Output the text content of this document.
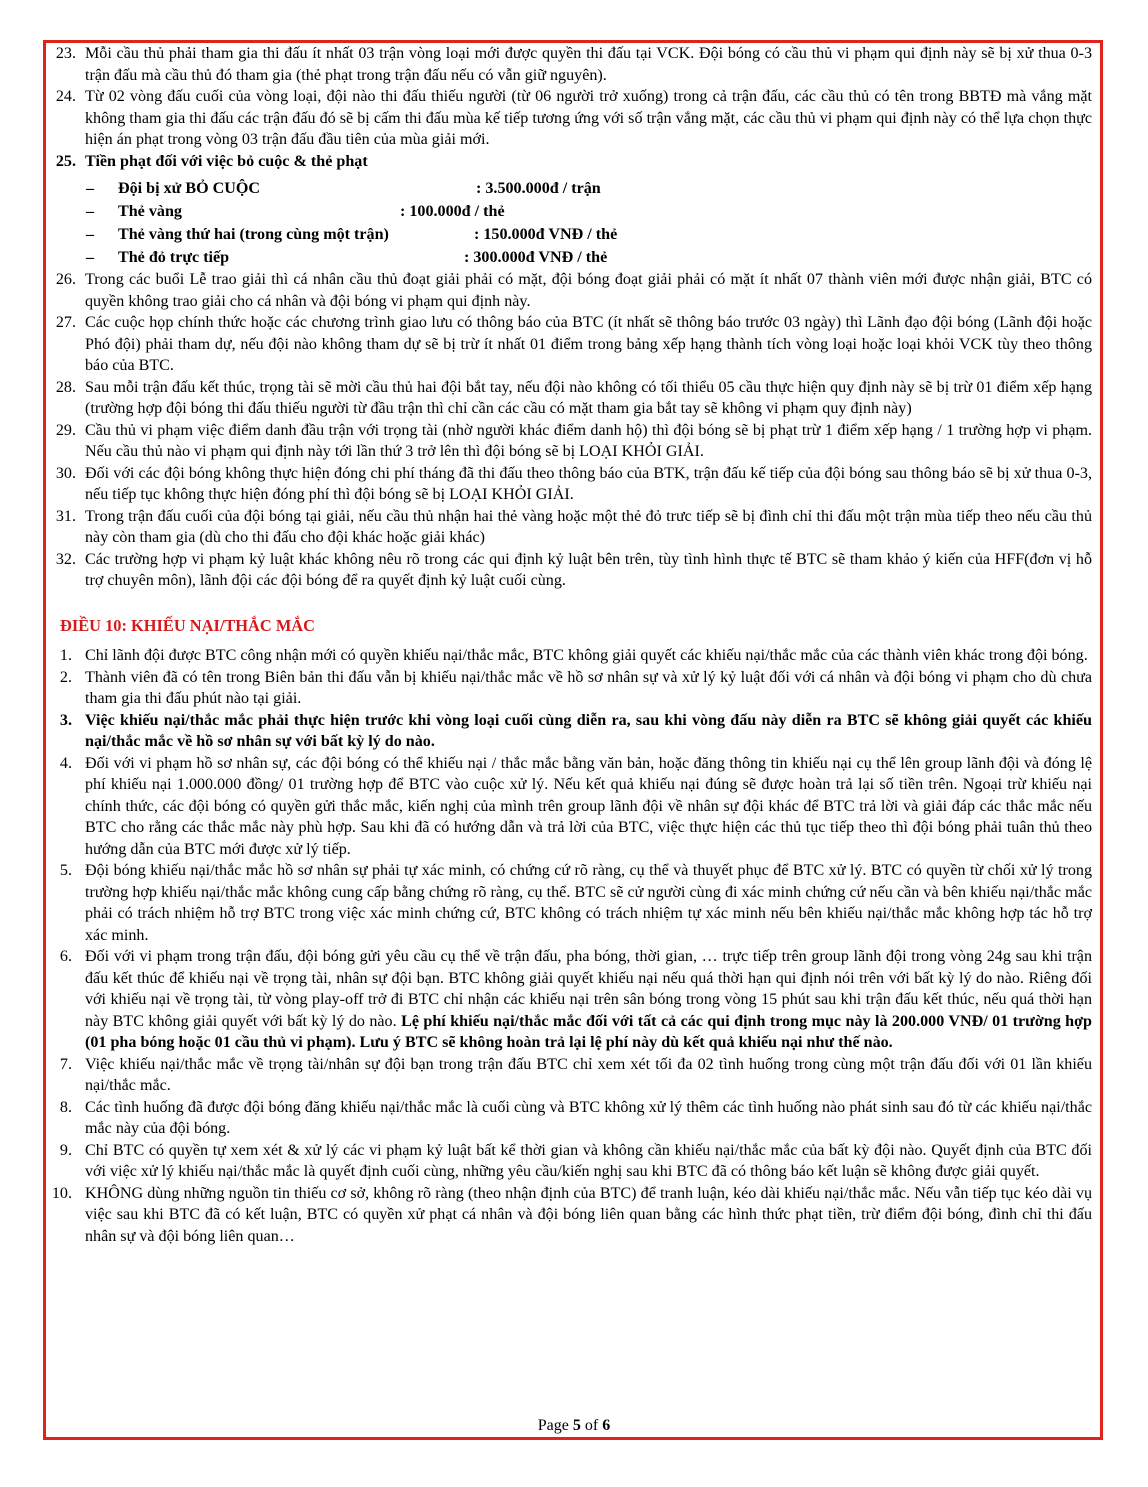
23. Mỗi cầu thủ phải tham gia thi đấu ít nhất 03 trận vòng loại mới được quyền thi đấu tại VCK. Đội bóng có cầu thủ vi phạm qui định này sẽ bị xử thua 0-3 trận đấu mà cầu thủ đó tham gia (thẻ phạt trong trận đấu nếu có vẫn giữ nguyên).
24. Từ 02 vòng đấu cuối của vòng loại, đội nào thi đấu thiếu người (từ 06 người trở xuống) trong cả trận đấu, các cầu thủ có tên trong BBTĐ mà vắng mặt không tham gia thi đấu các trận đấu đó sẽ bị cấm thi đấu mùa kế tiếp tương ứng với số trận vắng mặt, các cầu thủ vi phạm qui định này có thể lựa chọn thực hiện án phạt trong vòng 03 trận đấu đầu tiên của mùa giải mới.
25. Tiền phạt đối với việc bỏ cuộc & thẻ phạt
– Đội bị xử BỎ CUỘC	: 3.500.000đ / trận
– Thẻ vàng	: 100.000đ / thẻ
– Thẻ vàng thứ hai (trong cùng một trận)	: 150.000đ VNĐ / thẻ
– Thẻ đỏ trực tiếp	: 300.000đ VNĐ / thẻ
26. Trong các buổi Lễ trao giải thì cá nhân cầu thủ đoạt giải phải có mặt, đội bóng đoạt giải phải có mặt ít nhất 07 thành viên mới được nhận giải, BTC có quyền không trao giải cho cá nhân và đội bóng vi phạm qui định này.
27. Các cuộc họp chính thức hoặc các chương trình giao lưu có thông báo của BTC (ít nhất sẽ thông báo trước 03 ngày) thì Lãnh đạo đội bóng (Lãnh đội hoặc Phó đội) phải tham dự, nếu đội nào không tham dự sẽ bị trừ ít nhất 01 điểm trong bảng xếp hạng thành tích vòng loại hoặc loại khỏi VCK tùy theo thông báo của BTC.
28. Sau mỗi trận đấu kết thúc, trọng tài sẽ mời cầu thủ hai đội bắt tay, nếu đội nào không có tối thiểu 05 cầu thực hiện quy định này sẽ bị trừ 01 điểm xếp hạng (trường hợp đội bóng thi đấu thiếu người từ đầu trận thì chỉ cần các cầu có mặt tham gia bắt tay sẽ không vi phạm quy định này)
29. Cầu thủ vi phạm việc điểm danh đầu trận với trọng tài (nhờ người khác điểm danh hộ) thì đội bóng sẽ bị phạt trừ 1 điểm xếp hạng / 1 trường hợp vi phạm. Nếu cầu thủ nào vi phạm qui định này tới lần thứ 3 trở lên thì đội bóng sẽ bị LOẠI KHỎI GIẢI.
30. Đối với các đội bóng không thực hiện đóng chi phí tháng đã thi đấu theo thông báo của BTK, trận đấu kế tiếp của đội bóng sau thông báo sẽ bị xử thua 0-3, nếu tiếp tục không thực hiện đóng phí thì đội bóng sẽ bị LOẠI KHỎI GIẢI.
31. Trong trận đấu cuối của đội bóng tại giải, nếu cầu thủ nhận hai thẻ vàng hoặc một thẻ đỏ trưc tiếp sẽ bị đình chỉ thi đấu một trận mùa tiếp theo nếu cầu thủ này còn tham gia (dù cho thi đấu cho đội khác hoặc giải khác)
32. Các trường hợp vi phạm kỷ luật khác không nêu rõ trong các qui định kỷ luật bên trên, tùy tình hình thực tế BTC sẽ tham khảo ý kiến của HFF(đơn vị hỗ trợ chuyên môn), lãnh đội các đội bóng để ra quyết định kỷ luật cuối cùng.
ĐIỀU 10: KHIẾU NẠI/THẮC MẮC
1. Chỉ lãnh đội được BTC công nhận mới có quyền khiếu nại/thắc mắc, BTC không giải quyết các khiếu nại/thắc mắc của các thành viên khác trong đội bóng.
2. Thành viên đã có tên trong Biên bản thi đấu vẫn bị khiếu nại/thắc mắc về hồ sơ nhân sự và xử lý kỷ luật đối với cá nhân và đội bóng vi phạm cho dù chưa tham gia thi đấu phút nào tại giải.
3. Việc khiếu nại/thắc mắc phải thực hiện trước khi vòng loại cuối cùng diễn ra, sau khi vòng đấu này diễn ra BTC sẽ không giải quyết các khiếu nại/thắc mắc về hồ sơ nhân sự với bất kỳ lý do nào.
4. Đối với vi phạm hồ sơ nhân sự, các đội bóng có thể khiếu nại / thắc mắc bằng văn bản, hoặc đăng thông tin khiếu nại cụ thể lên group lãnh đội và đóng lệ phí khiếu nại 1.000.000 đồng/ 01 trường hợp để BTC vào cuộc xử lý. Nếu kết quả khiếu nại đúng sẽ được hoàn trả lại số tiền trên. Ngoại trừ khiếu nại chính thức, các đội bóng có quyền gửi thắc mắc, kiến nghị của mình trên group lãnh đội về nhân sự đội khác để BTC trả lời và giải đáp các thắc mắc nếu BTC cho rằng các thắc mắc này phù hợp. Sau khi đã có hướng dẫn và trả lời của BTC, việc thực hiện các thủ tục tiếp theo thì đội bóng phải tuân thủ theo hướng dẫn của BTC mới được xử lý tiếp.
5. Đội bóng khiếu nại/thắc mắc hồ sơ nhân sự phải tự xác minh, có chứng cứ rõ ràng, cụ thể và thuyết phục để BTC xử lý. BTC có quyền từ chối xử lý trong trường hợp khiếu nại/thắc mắc không cung cấp bằng chứng rõ ràng, cụ thể. BTC sẽ cử người cùng đi xác minh chứng cứ nếu cần và bên khiếu nại/thắc mắc phải có trách nhiệm hỗ trợ BTC trong việc xác minh chứng cứ, BTC không có trách nhiệm tự xác minh nếu bên khiếu nại/thắc mắc không hợp tác hỗ trợ xác minh.
6. Đối với vi phạm trong trận đấu, đội bóng gửi yêu cầu cụ thể về trận đấu, pha bóng, thời gian, … trực tiếp trên group lãnh đội trong vòng 24g sau khi trận đấu kết thúc để khiếu nại về trọng tài, nhân sự đội bạn. BTC không giải quyết khiếu nại nếu quá thời hạn qui định nói trên với bất kỳ lý do nào. Riêng đối với khiếu nại về trọng tài, từ vòng play-off trở đi BTC chỉ nhận các khiếu nại trên sân bóng trong vòng 15 phút sau khi trận đấu kết thúc, nếu quá thời hạn này BTC không giải quyết với bất kỳ lý do nào. Lệ phí khiếu nại/thắc mắc đối với tất cả các qui định trong mục này là 200.000 VNĐ/ 01 trường hợp (01 pha bóng hoặc 01 cầu thủ vi phạm). Lưu ý BTC sẽ không hoàn trả lại lệ phí này dù kết quả khiếu nại như thế nào.
7. Việc khiếu nại/thắc mắc về trọng tài/nhân sự đội bạn trong trận đấu BTC chỉ xem xét tối đa 02 tình huống trong cùng một trận đấu đối với 01 lần khiếu nại/thắc mắc.
8. Các tình huống đã được đội bóng đăng khiếu nại/thắc mắc là cuối cùng và BTC không xử lý thêm các tình huống nào phát sinh sau đó từ các khiếu nại/thắc mắc này của đội bóng.
9. Chỉ BTC có quyền tự xem xét & xử lý các vi phạm kỷ luật bất kể thời gian và không cần khiếu nại/thắc mắc của bất kỳ đội nào. Quyết định của BTC đối với việc xử lý khiếu nại/thắc mắc là quyết định cuối cùng, những yêu cầu/kiến nghị sau khi BTC đã có thông báo kết luận sẽ không được giải quyết.
10. KHÔNG dùng những nguồn tin thiếu cơ sở, không rõ ràng (theo nhận định của BTC) để tranh luận, kéo dài khiếu nại/thắc mắc. Nếu vẫn tiếp tục kéo dài vụ việc sau khi BTC đã có kết luận, BTC có quyền xử phạt cá nhân và đội bóng liên quan bằng các hình thức phạt tiền, trừ điểm đội bóng, đình chỉ thi đấu nhân sự và đội bóng liên quan…
Page 5 of 6
